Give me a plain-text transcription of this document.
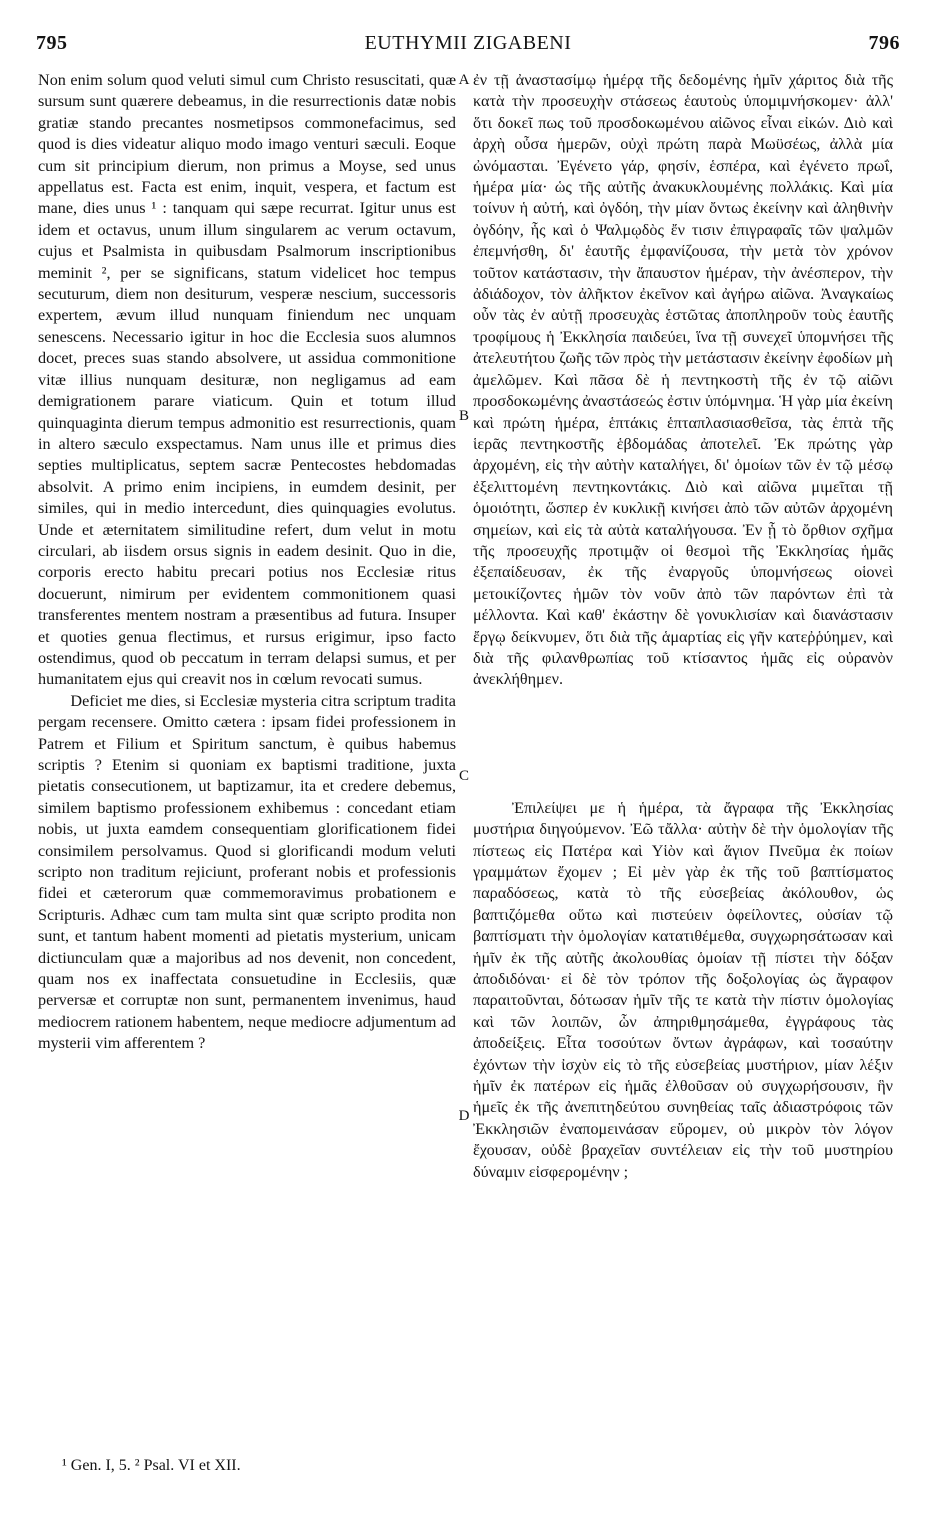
795	EUTHYMII ZIGABENI	796

Non enim solum quod veluti simul cum Christo resuscitati, quæ sursum sunt quærere debeamus, in die resurrectionis datæ nobis gratiæ stando precantes nosmetipsos commonefacimus, sed quod is dies videatur aliquo modo imago venturi sæculi. Eoque cum sit principium dierum, non primus a Moyse, sed unus appellatus est. Facta est enim, inquit, vespera, et factum est mane, dies unus ¹ : tanquam qui sæpe recurrat. Igitur unus est idem et octavus, unum illum singularem ac verum octavum, cujus et Psalmista in quibusdam Psalmorum inscriptionibus meminit ², per se significans, statum videlicet hoc tempus secuturum, diem non desiturum, vesperæ nescium, successoris expertem, ævum illud nunquam finiendum nec unquam senescens. Necessario igitur in hoc die Ecclesia suos alumnos docet, preces suas stando absolvere, ut assidua commonitione vitæ illius nunquam desituræ, non negligamus ad eam demigrationem parare viaticum. Quin et totum illud quinquaginta dierum tempus admonitio est resurrectionis, quam in altero sæculo exspectamus. Nam unus ille et primus dies septies multiplicatus, septem sacræ Pentecostes hebdomadas absolvit. A primo enim incipiens, in eumdem desinit, per similes, qui in medio intercedunt, dies quinquagies evolutus. Unde et æternitatem similitudine refert, dum velut in motu circulari, ab iisdem orsus signis in eadem desinit. Quo in die, corporis erecto habitu precari potius nos Ecclesiæ ritus docuerunt, nimirum per evidentem commonitionem quasi transferentes mentem nostram a præsentibus ad futura. Insuper et quoties genua flectimus, et rursus erigimur, ipso facto ostendimus, quod ob peccatum in terram delapsi sumus, et per humanitatem ejus qui creavit nos in cœlum revocati sumus.

Deficiet me dies, si Ecclesiæ mysteria citra scriptum tradita pergam recensere. Omitto cætera : ipsam fidei professionem in Patrem et Filium et Spiritum sanctum, è quibus habemus scriptis ? Etenim si quoniam ex baptismi traditione, juxta pietatis consecutionem, ut baptizamur, ita et credere debemus, similem baptismo professionem exhibemus : concedant etiam nobis, ut juxta eamdem consequentiam glorificationem fidei consimilem persolvamus. Quod si glorificandi modum veluti scripto non traditum rejiciunt, proferant nobis et professionis fidei et cæterorum quæ commemoravimus probationem e Scripturis. Adhæc cum tam multa sint quæ scripto prodita non sunt, et tantum habent momenti ad pietatis mysterium, unicam dictiunculam quæ a majoribus ad nos devenit, non concedent, quam nos ex inaffectata consuetudine in Ecclesiis, quæ perversæ et corruptæ non sunt, permanentem invenimus, haud mediocrem rationem habentem, neque mediocre adjumentum ad mysterii vim afferentem ?

A
B
C
D

ἐν τῇ ἀναστασίμῳ ἡμέρᾳ τῆς δεδομένης ἡμῖν χάριτος διὰ τῆς κατὰ τὴν προσευχὴν στάσεως ἑαυτοὺς ὑπομιμνήσκομεν· ἀλλ' ὅτι δοκεῖ πως τοῦ προσδοκωμένου αἰῶνος εἶναι εἰκών. Διὸ καὶ ἀρχὴ οὖσα ἡμερῶν, οὐχὶ πρώτη παρὰ Μωϋσέως, ἀλλὰ μία ὠνόμασται. Ἐγένετο γάρ, φησίν, ἑσπέρα, καὶ ἐγένετο πρωΐ, ἡμέρα μία· ὡς τῆς αὐτῆς ἀνακυκλουμένης πολλάκις. Καὶ μία τοίνυν ἡ αὐτή, καὶ ὀγδόη, τὴν μίαν ὄντως ἐκείνην καὶ ἀληθινὴν ὀγδόην, ἧς καὶ ὁ Ψαλμῳδὸς ἔν τισιν ἐπιγραφαῖς τῶν ψαλμῶν ἐπεμνήσθη, δι' ἑαυτῆς ἐμφανίζουσα, τὴν μετὰ τὸν χρόνον τοῦτον κατάστασιν, τὴν ἄπαυστον ἡμέραν, τὴν ἀνέσπερον, τὴν ἀδιάδοχον, τὸν ἀλῆκτον ἐκεῖνον καὶ ἀγήρω αἰῶνα. Ἀναγκαίως οὖν τὰς ἐν αὐτῇ προσευχὰς ἑστῶτας ἀποπληροῦν τοὺς ἑαυτῆς τροφίμους ἡ Ἐκκλησία παιδεύει, ἵνα τῇ συνεχεῖ ὑπομνήσει τῆς ἀτελευτήτου ζωῆς τῶν πρὸς τὴν μετάστασιν ἐκείνην ἐφοδίων μὴ ἀμελῶμεν. Καὶ πᾶσα δὲ ἡ πεντηκοστὴ τῆς ἐν τῷ αἰῶνι προσδοκωμένης ἀναστάσεώς ἐστιν ὑπόμνημα. Ἡ γὰρ μία ἐκείνη καὶ πρώτη ἡμέρα, ἑπτάκις ἑπταπλασιασθεῖσα, τὰς ἑπτὰ τῆς ἱερᾶς πεντηκοστῆς ἑβδομάδας ἀποτελεῖ. Ἐκ πρώτης γὰρ ἀρχομένη, εἰς τὴν αὐτὴν καταλήγει, δι' ὁμοίων τῶν ἐν τῷ μέσῳ ἐξελιττομένη πεντηκοντάκις. Διὸ καὶ αἰῶνα μιμεῖται τῇ ὁμοιότητι, ὥσπερ ἐν κυκλικῇ κινήσει ἀπὸ τῶν αὐτῶν ἀρχομένη σημείων, καὶ εἰς τὰ αὐτὰ καταλήγουσα. Ἐν ᾗ τὸ ὄρθιον σχῆμα τῆς προσευχῆς προτιμᾷν οἱ θεσμοὶ τῆς Ἐκκλησίας ἡμᾶς ἐξεπαίδευσαν, ἐκ τῆς ἐναργοῦς ὑπομνήσεως οἱονεὶ μετοικίζοντες ἡμῶν τὸν νοῦν ἀπὸ τῶν παρόντων ἐπὶ τὰ μέλλοντα. Καὶ καθ' ἑκάστην δὲ γονυκλισίαν καὶ διανάστασιν ἔργῳ δείκνυμεν, ὅτι διὰ τῆς ἁμαρτίας εἰς γῆν κατεῤῥύημεν, καὶ διὰ τῆς φιλανθρωπίας τοῦ κτίσαντος ἡμᾶς εἰς οὐρανὸν ἀνεκλήθημεν.

Ἐπιλείψει με ἡ ἡμέρα, τὰ ἄγραφα τῆς Ἐκκλησίας μυστήρια διηγούμενον. Ἐῶ τἄλλα· αὐτὴν δὲ τὴν ὁμολογίαν τῆς πίστεως εἰς Πατέρα καὶ Υἱὸν καὶ ἅγιον Πνεῦμα ἐκ ποίων γραμμάτων ἔχομεν ; Εἰ μὲν γὰρ ἐκ τῆς τοῦ βαπτίσματος παραδόσεως, κατὰ τὸ τῆς εὐσεβείας ἀκόλουθον, ὡς βαπτιζόμεθα οὕτω καὶ πιστεύειν ὀφείλοντες, οὐσίαν τῷ βαπτίσματι τὴν ὁμολογίαν κατατιθέμεθα, συγχωρησάτωσαν καὶ ἡμῖν ἐκ τῆς αὐτῆς ἀκολουθίας ὁμοίαν τῇ πίστει τὴν δόξαν ἀποδιδόναι· εἰ δὲ τὸν τρόπον τῆς δοξολογίας ὡς ἄγραφον παραιτοῦνται, δότωσαν ἡμῖν τῆς τε κατὰ τὴν πίστιν ὁμολογίας καὶ τῶν λοιπῶν, ὧν ἀπηριθμησάμεθα, ἐγγράφους τὰς ἀποδείξεις. Εἶτα τοσούτων ὄντων ἀγράφων, καὶ τοσαύτην ἐχόντων τὴν ἰσχὺν εἰς τὸ τῆς εὐσεβείας μυστήριον, μίαν λέξιν ἡμῖν ἐκ πατέρων εἰς ἡμᾶς ἐλθοῦσαν οὐ συγχωρήσουσιν, ἣν ἡμεῖς ἐκ τῆς ἀνεπιτηδεύτου συνηθείας ταῖς ἀδιαστρόφοις τῶν Ἐκκλησιῶν ἐναπομεινάσαν εὕρομεν, οὐ μικρὸν τὸν λόγον ἔχουσαν, οὐδὲ βραχεῖαν συντέλειαν εἰς τὴν τοῦ μυστηρίου δύναμιν εἰσφερομένην ;

¹ Gen. I, 5. ² Psal. VI et XII.
